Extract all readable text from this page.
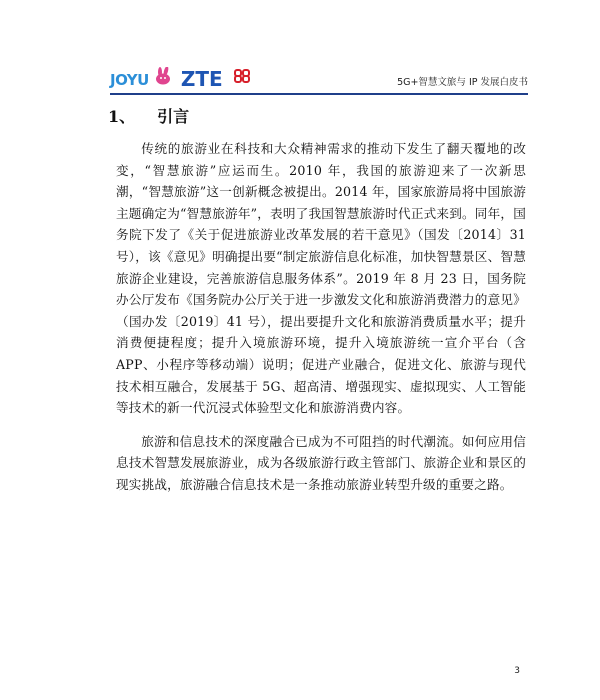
JOYU ZTE	5G+智慧文旅与 IP 发展白皮书
1、 引言

传统的旅游业在科技和大众精神需求的推动下发生了翻天覆地的改变，“智慧旅游”应运而生。2010 年，我国的旅游迎来了一次新思潮，“智慧旅游”这一创新概念被提出。2014 年，国家旅游局将中国旅游主题确定为“智慧旅游年”，表明了我国智慧旅游时代正式来到。同年，国务院下发了《关于促进旅游业改革发展的若干意见》（国发〔2014〕31 号），该《意见》明确提出要“制定旅游信息化标准，加快智慧景区、智慧旅游企业建设，完善旅游信息服务体系”。2019 年 8 月 23 日，国务院办公厅发布《国务院办公厅关于进一步激发文化和旅游消费潜力的意见》（国办发〔2019〕41 号），提出要提升文化和旅游消费质量水平；提升消费便捷程度；提升入境旅游环境，提升入境旅游统一宣介平台（含 APP、小程序等移动端）说明；促进产业融合，促进文化、旅游与现代技术相互融合，发展基于 5G、超高清、增强现实、虚拟现实、人工智能等技术的新一代沉浸式体验型文化和旅游消费内容。

旅游和信息技术的深度融合已成为不可阻挡的时代潮流。如何应用信息技术智慧发展旅游业，成为各级旅游行政主管部门、旅游企业和景区的现实挑战，旅游融合信息技术是一条推动旅游业转型升级的重要之路。

3
